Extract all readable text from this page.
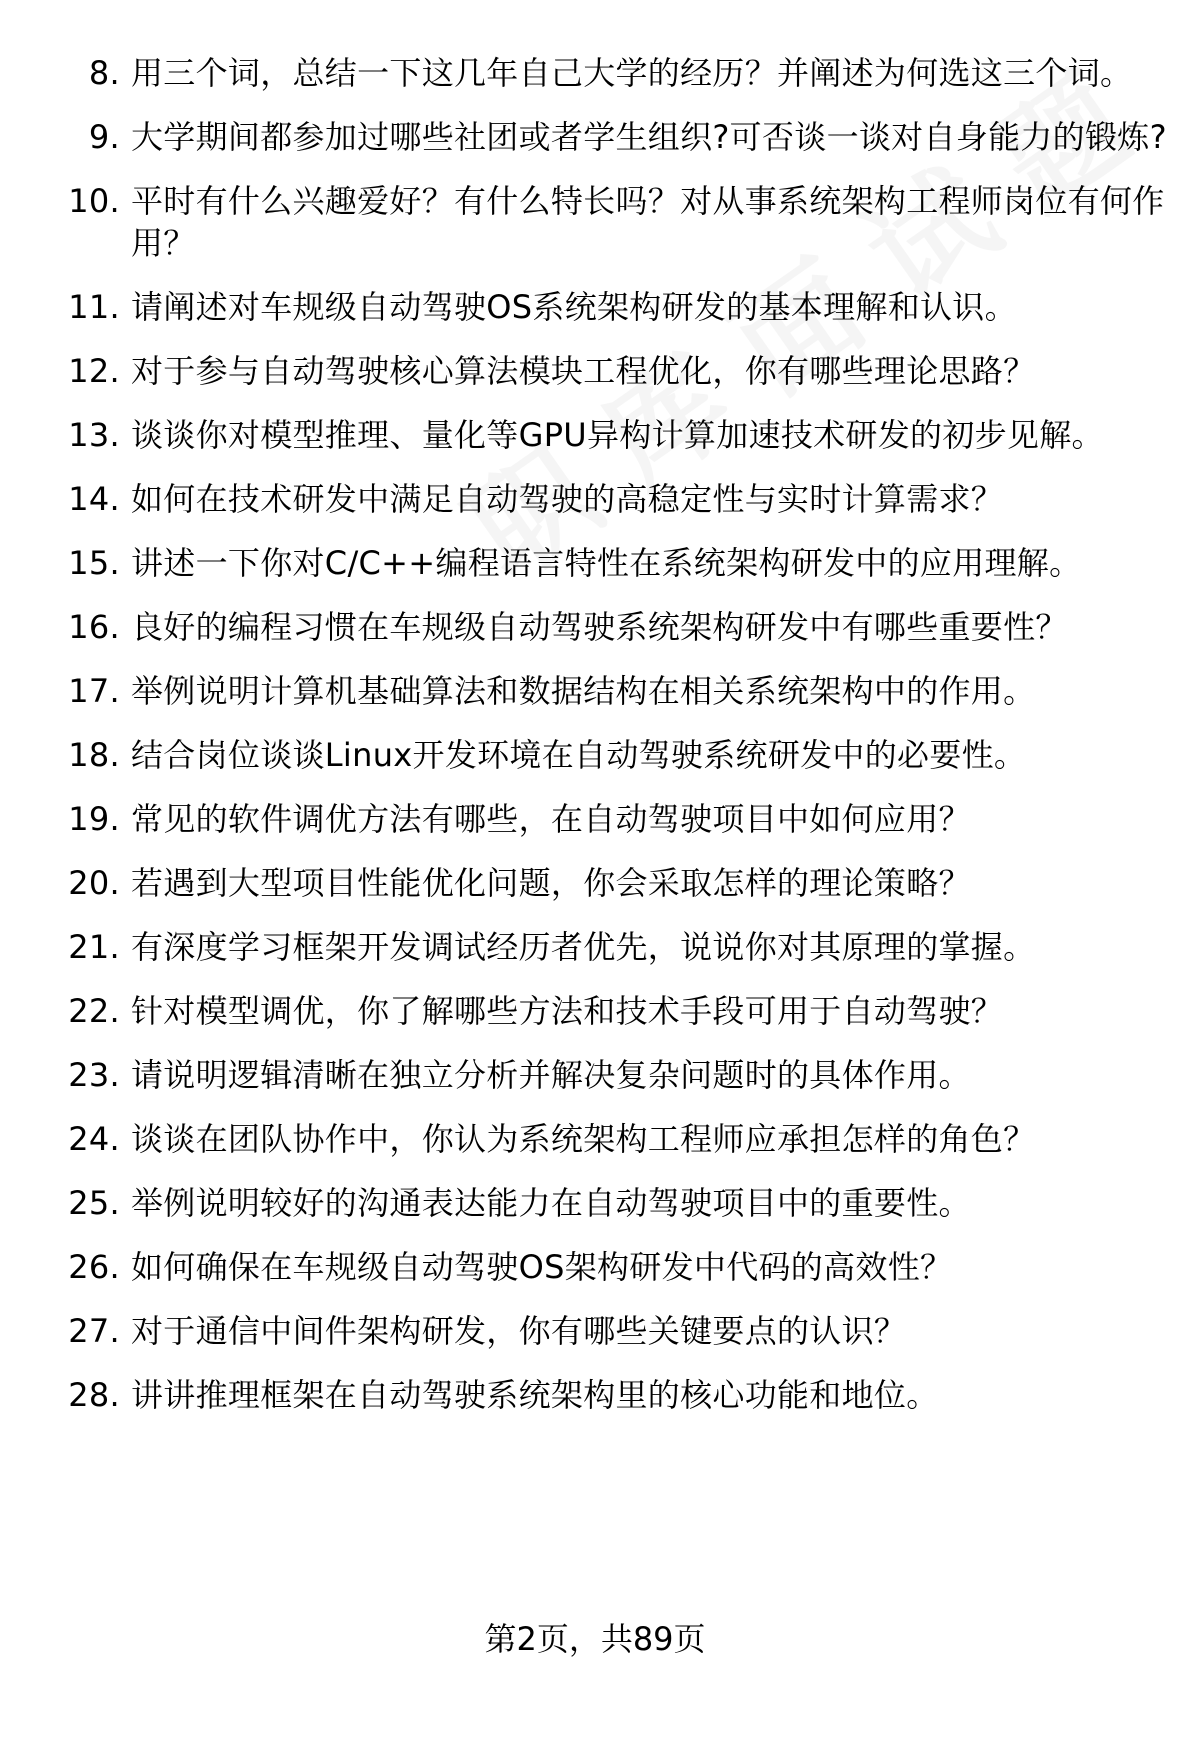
8. 用三个词，总结一下这几年自己大学的经历？并阐述为何选这三个词。
9. 大学期间都参加过哪些社团或者学生组织?可否谈一谈对自身能力的锻炼?
10. 平时有什么兴趣爱好？有什么特长吗？对从事系统架构工程师岗位有何作用？
11. 请阐述对车规级自动驾驶OS系统架构研发的基本理解和认识。
12. 对于参与自动驾驶核心算法模块工程优化，你有哪些理论思路？
13. 谈谈你对模型推理、量化等GPU异构计算加速技术研发的初步见解。
14. 如何在技术研发中满足自动驾驶的高稳定性与实时计算需求？
15. 讲述一下你对C/C++编程语言特性在系统架构研发中的应用理解。
16. 良好的编程习惯在车规级自动驾驶系统架构研发中有哪些重要性？
17. 举例说明计算机基础算法和数据结构在相关系统架构中的作用。
18. 结合岗位谈谈Linux开发环境在自动驾驶系统研发中的必要性。
19. 常见的软件调优方法有哪些，在自动驾驶项目中如何应用？
20. 若遇到大型项目性能优化问题，你会采取怎样的理论策略？
21. 有深度学习框架开发调试经历者优先，说说你对其原理的掌握。
22. 针对模型调优，你了解哪些方法和技术手段可用于自动驾驶？
23. 请说明逻辑清晰在独立分析并解决复杂问题时的具体作用。
24. 谈谈在团队协作中，你认为系统架构工程师应承担怎样的角色？
25. 举例说明较好的沟通表达能力在自动驾驶项目中的重要性。
26. 如何确保在车规级自动驾驶OS架构研发中代码的高效性？
27. 对于通信中间件架构研发，你有哪些关键要点的认识？
28. 讲讲推理框架在自动驾驶系统架构里的核心功能和地位。
第2页，共89页
